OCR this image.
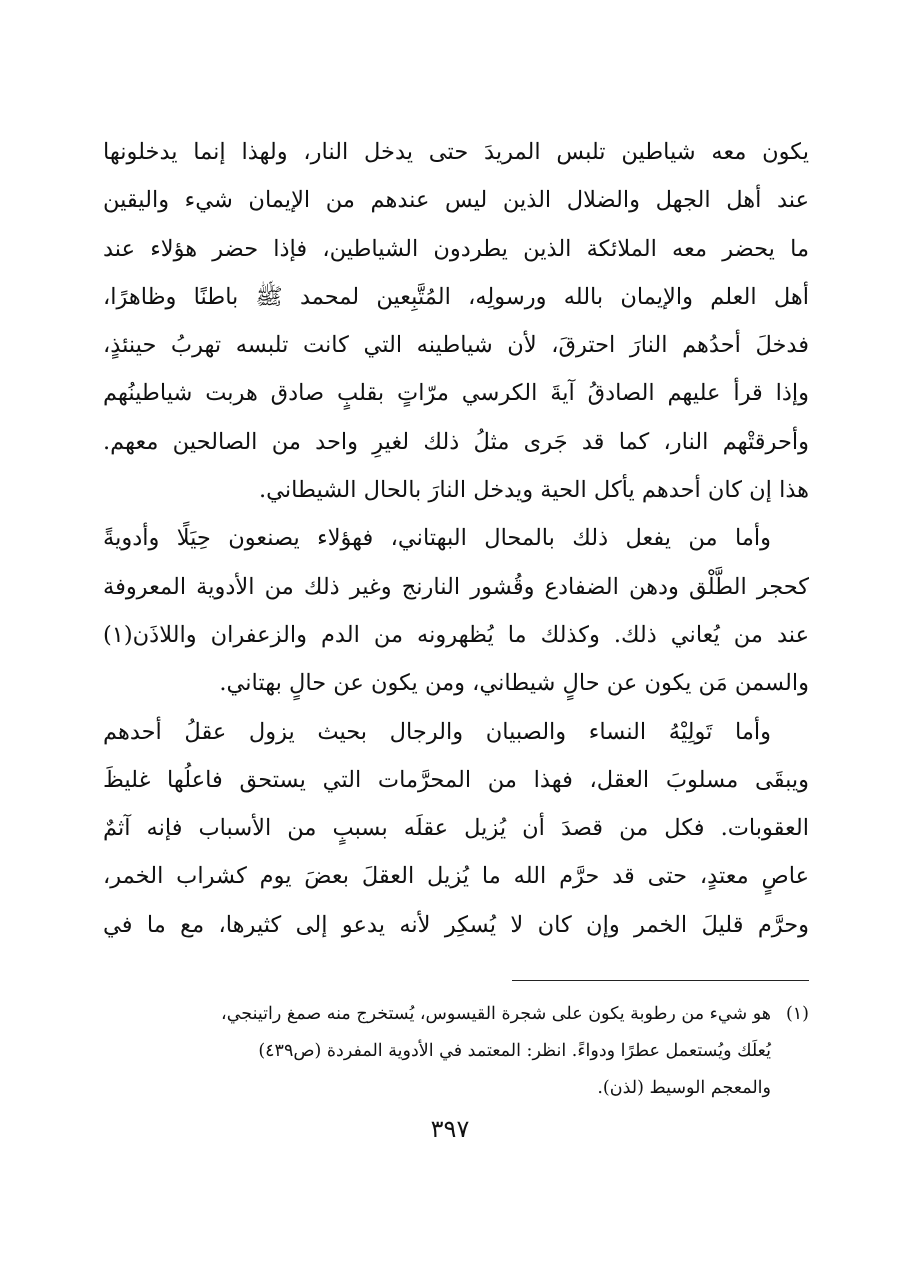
يكون معه شياطين تلبس المريدَ حتى يدخل النار، ولهذا إنما يدخلونها
عند أهل الجهل والضلال الذين ليس عندهم من الإيمان شيء واليقين
ما يحضر معه الملائكة الذين يطردون الشياطين، فإذا حضر هؤلاء عند
أهل العلم والإيمان بالله ورسولِه، المُتَّبِعين لمحمد ﷺ باطنًا وظاهرًا،
فدخلَ أحدُهم النارَ احترقَ، لأن شياطينه التي كانت تلبسه تهربُ حينئذٍ،
وإذا قرأ عليهم الصادقُ آيةَ الكرسي مرّاتٍ بقلبٍ صادق هربت شياطينُهم
وأحرقتْهم النار، كما قد جَرى مثلُ ذلك لغيرِ واحد من الصالحين معهم.
هذا إن كان أحدهم يأكل الحية ويدخل النارَ بالحال الشيطاني.
وأما من يفعل ذلك بالمحال البهتاني، فهؤلاء يصنعون حِيَلًا وأدويةً
كحجر الطَّلْق ودهن الضفادع وقُشور النارنج وغير ذلك من الأدوية المعروفة
عند من يُعاني ذلك. وكذلك ما يُظهرونه من الدم والزعفران واللاذَن(١)
والسمن مَن يكون عن حالٍ شيطاني، ومن يكون عن حالٍ بهتاني.
وأما تَولِيْهُ النساء والصبيان والرجال بحيث يزول عقلُ أحدهم
ويبقَى مسلوبَ العقل، فهذا من المحرَّمات التي يستحق فاعلُها غليظَ
العقوبات. فكل من قصدَ أن يُزيل عقلَه بسببٍ من الأسباب فإنه آثمٌ
عاصٍ معتدٍ، حتى قد حرَّم الله ما يُزيل العقلَ بعضَ يوم كشراب الخمر،
وحرَّم قليلَ الخمر وإن كان لا يُسكِر لأنه يدعو إلى كثيرها، مع ما في
(١)هو شيء من رطوبة يكون على شجرة القيسوس، يُستخرج منه صمغ راتينجي،
يُعلَك ويُستعمل عطرًا ودواءً. انظر: المعتمد في الأدوية المفردة (ص٤٣٩)
والمعجم الوسيط (لذن).
٣٩٧
